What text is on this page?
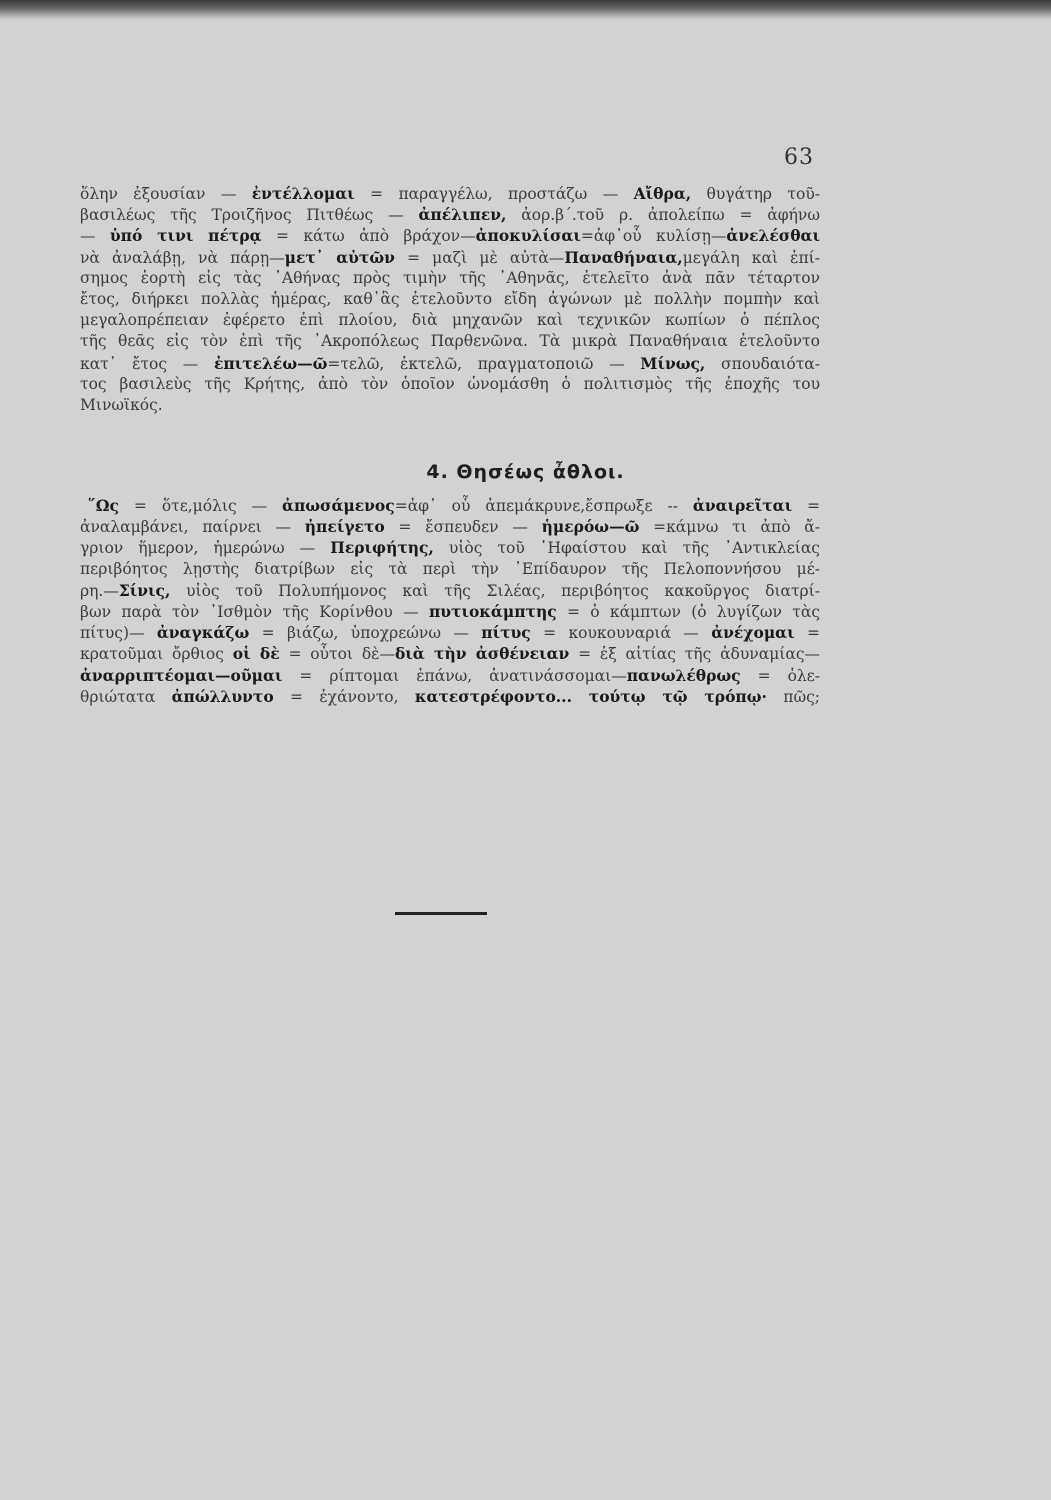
63
ὅλην ἐξουσίαν — ἐντέλλομαι = παραγγέλω, προστάζω — Αἴθρα, θυγάτηρ τοῦ-
βασιλέως τῆς Τροιζῆνος Πιτθέως — ἀπέλιπεν, ἀορ.β΄.τοῦ ρ. ἀπολείπω = ἀφήνω
— ὑπό τινι πέτρᾳ = κάτω ἀπὸ βράχον—ἀποκυλίσαι=ἀφ᾽οὗ κυλίσῃ—ἀνελέσθαι
νὰ ἀναλάβῃ, νὰ πάρῃ—μετ᾽ αὐτῶν = μαζὶ μὲ αὐτὰ—Παναθήναια,μεγάλη καὶ ἐπί-
σημος ἑορτὴ εἰς τὰς ᾽Αθήνας πρὸς τιμὴν τῆς ᾽Αθηνᾶς, ἐτελεῖτο ἀνὰ πᾶν τέταρτον
ἔτος, διήρκει πολλὰς ἡμέρας, καθ᾽ἃς ἐτελοῦντο εἴδη ἀγώνων μὲ πολλὴν πομπὴν καὶ
μεγαλοπρέπειαν ἐφέρετο ἐπὶ πλοίου, διὰ μηχανῶν καὶ τεχνικῶν κωπίων ὁ πέπλος
τῆς θεᾶς εἰς τὸν ἐπὶ τῆς ᾽Ακροπόλεως Παρθενῶνα. Τὰ μικρὰ Παναθήναια ἐτελοῦντο
κατ᾽ ἔτος — ἐπιτελέω—ῶ=τελῶ, ἐκτελῶ, πραγματοποιῶ — Μίνως, σπουδαιότα-
τος βασιλεὺς τῆς Κρήτης, ἀπὸ τὸν ὁποῖον ὠνομάσθη ὁ πολιτισμὸς τῆς ἐποχῆς του
Μινωϊκός.
4. Θησέως ἆθλοι.
῞Ως = ὅτε,μόλις — ἀπωσάμενος=ἀφ᾽ οὗ ἀπεμάκρυνε,ἔσπρωξε -- ἀναιρεῖται =
ἀναλαμβάνει, παίρνει — ἠπείγετο = ἔσπευδεν — ἡμερόω—ῶ =κάμνω τι ἀπὸ ἄ-
γριον ἥμερον, ἡμερώνω — Περιφήτης, υἱὸς τοῦ ῾Ηφαίστου καὶ τῆς ᾽Αντικλείας
περιβόητος λῃστὴς διατρίβων εἰς τὰ περὶ τὴν ᾽Επίδαυρον τῆς Πελοποννήσου μέ-
ρη.—Σίνις, υἱὸς τοῦ Πολυπήμονος καὶ τῆς Σιλέας, περιβόητος κακοῦργος διατρί-
βων παρὰ τὸν ᾽Ισθμὸν τῆς Κορίνθου — πυτιοκάμπτης = ὁ κάμπτων (ὁ λυγίζων τὰς
πίτυς)— ἀναγκάζω = βιάζω, ὑποχρεώνω — πίτυς = κουκουναριά — ἀνέχομαι =
κρατοῦμαι ὄρθιος οἱ δὲ = οὗτοι δὲ—διὰ τὴν ἀσθένειαν = ἐξ αἰτίας τῆς ἀδυναμίας—
ἀναρριπτέομαι—οῦμαι = ρίπτομαι ἐπάνω, ἀνατινάσσομαι—πανωλέθρως = ὀλε-
θριώτατα ἀπώλλυντο = ἐχάνοντο, κατεστρέφοντο... τούτῳ τῷ τρόπῳ· πῶς;
